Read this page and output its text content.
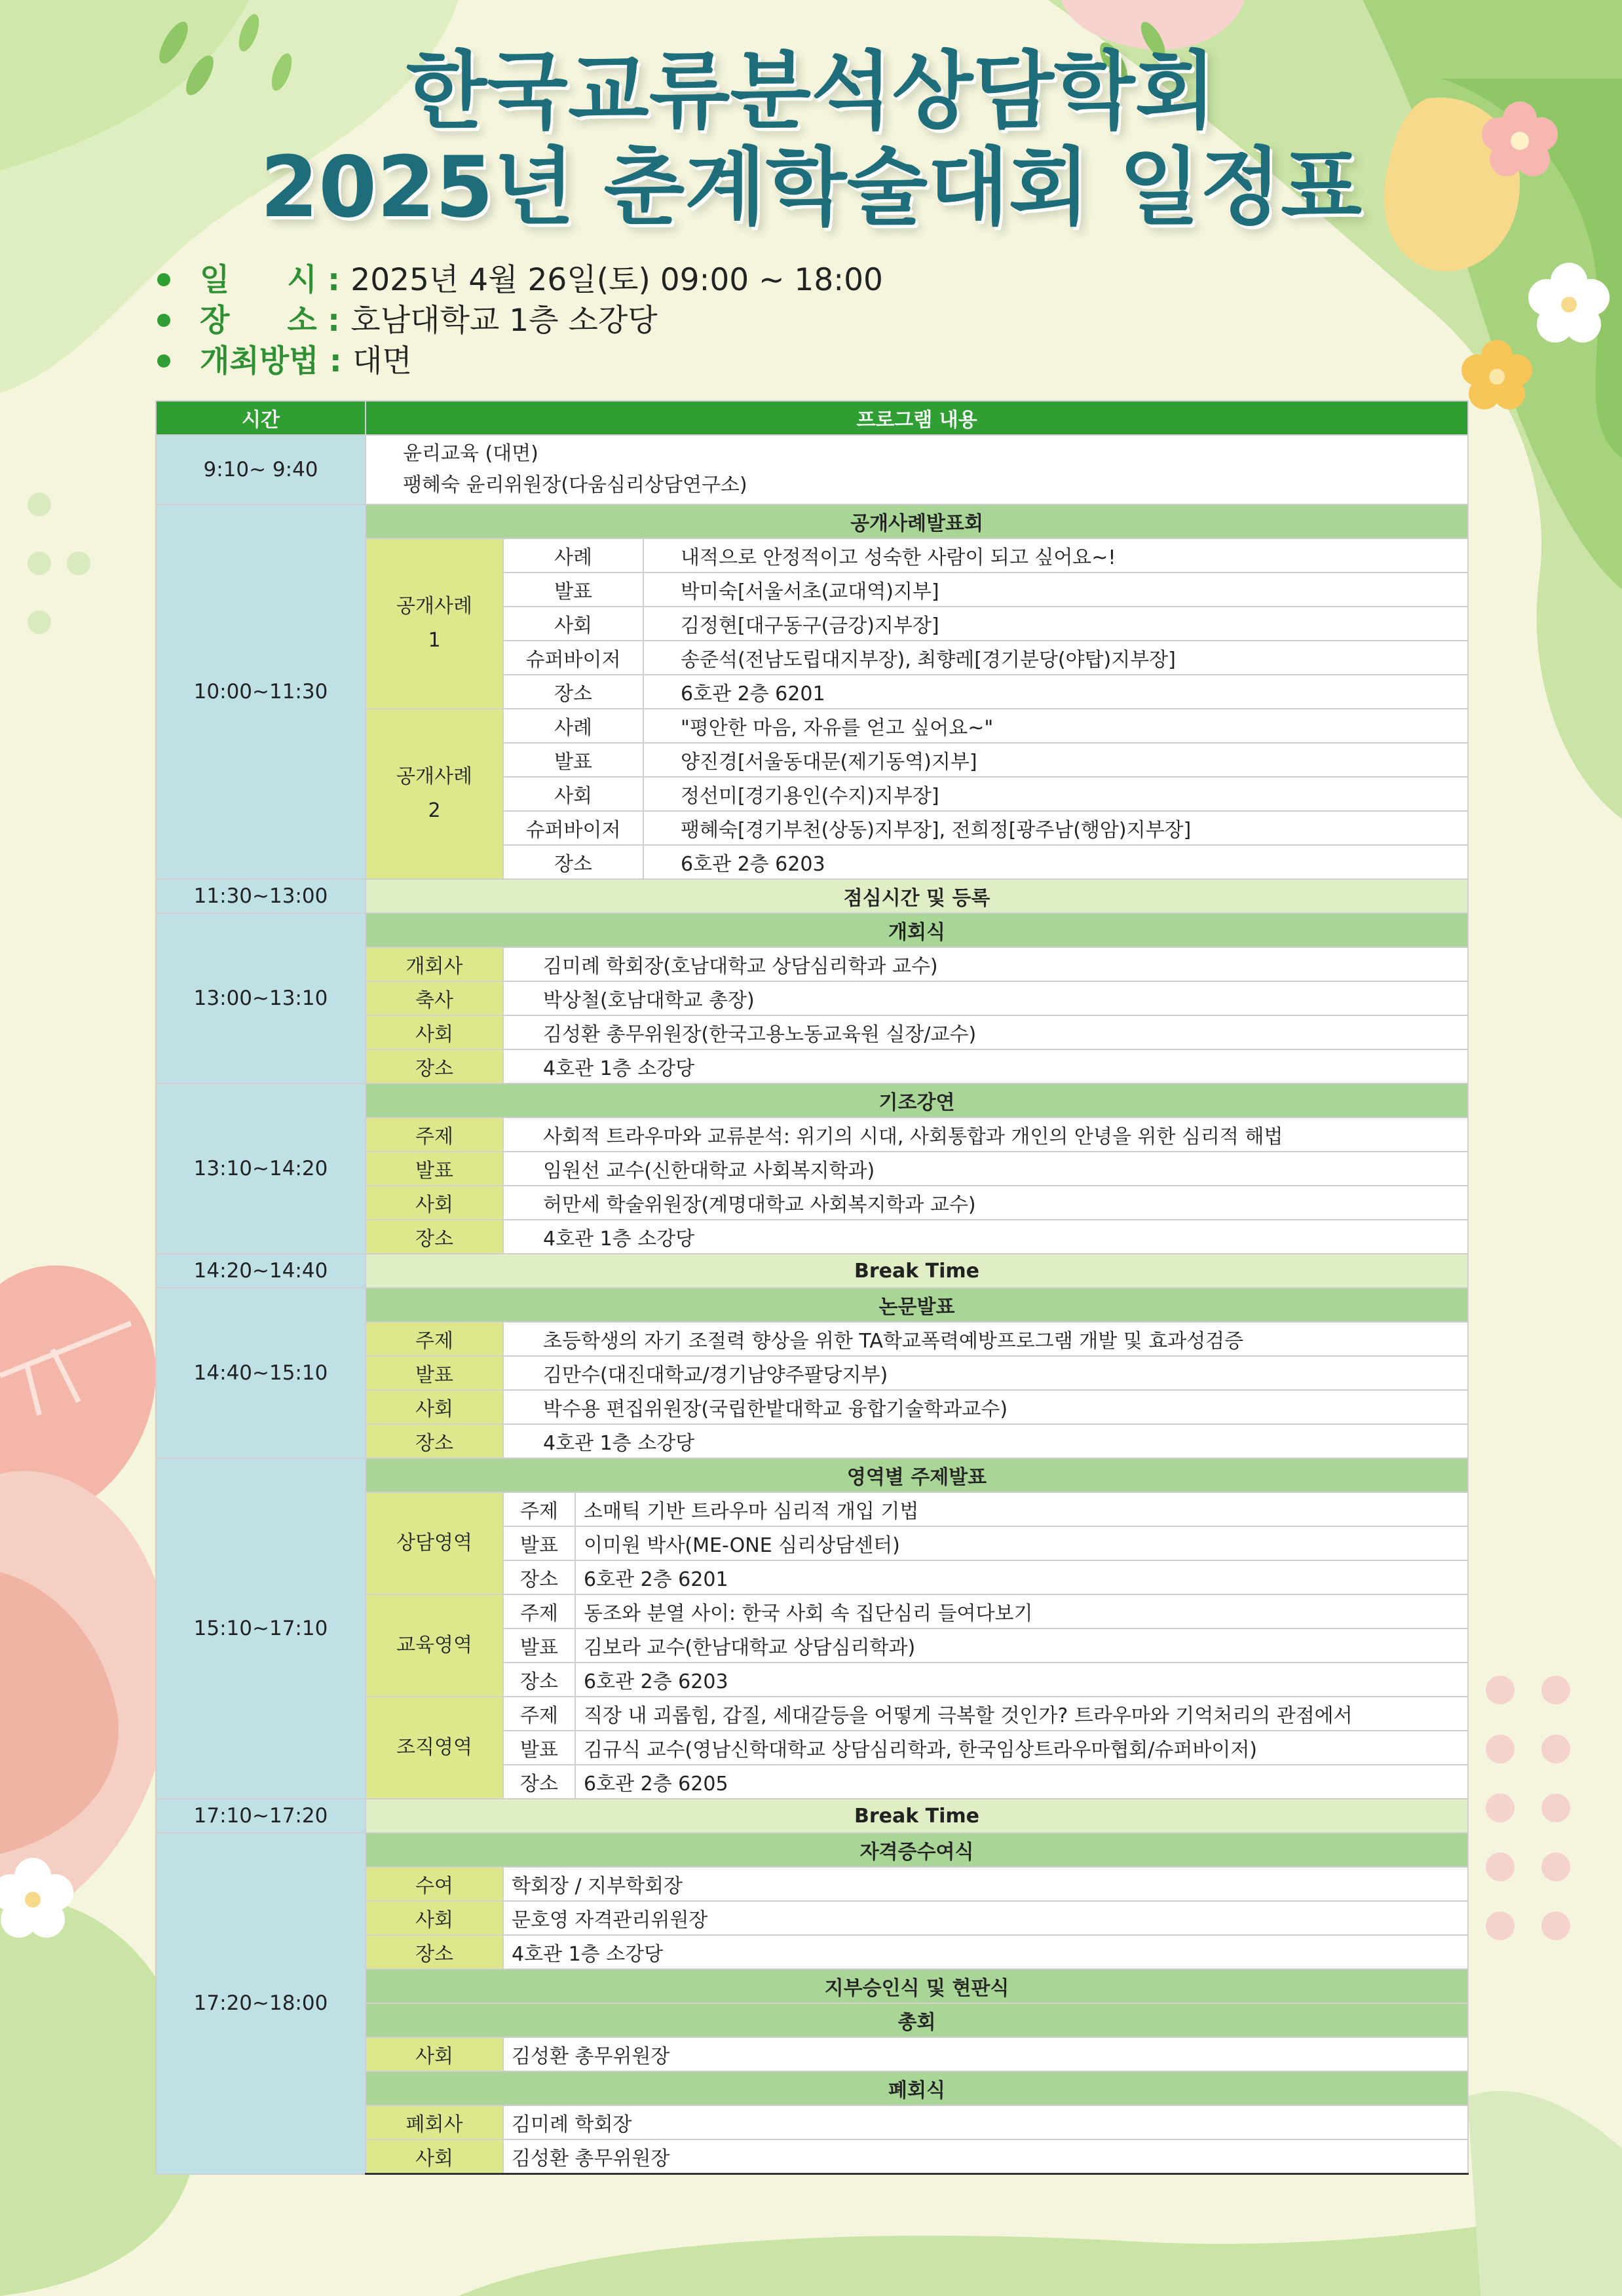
한국교류분석상담학회
2025년 춘계학술대회 일정표
일시 : 2025년 4월 26일(토) 09:00 ~ 18:00
장소 : 호남대학교 1층 소강당
개최방법 : 대면
시간	프로그램 내용			
9:10~ 9:40	윤리교육 (대면)
팽혜숙 윤리위원장(다움심리상담연구소)			

10:00~11:30	공개사례발표회			

	공개사례
1	사례		내적으로 안정적이고 성숙한 사람이 되고 싶어요~!
		발표		박미숙[서울서초(교대역)지부]
		사회		김정현[대구동구(금강)지부장]
		슈퍼바이저		송준석(전남도립대지부장), 최향레[경기분당(야탑)지부장]
		장소		6호관 2층 6201

	공개사례
2	사례		"평안한 마음, 자유를 얻고 싶어요~"
		발표		양진경[서울동대문(제기동역)지부]
		사회		정선미[경기용인(수지)지부장]
		슈퍼바이저		팽혜숙[경기부천(상동)지부장], 전희정[광주남(행암)지부장]
		장소		6호관 2층 6203
11:30~13:00	점심시간 및 등록			
13:00~13:10	개회식			
	개회사	김미례 학회장(호남대학교 상담심리학과 교수)		
	축사	박상철(호남대학교 총장)		
	사회	김성환 총무위원장(한국고용노동교육원 실장/교수)		
	장소	4호관 1층 소강당		
13:10~14:20	기조강연			
	주제	사회적 트라우마와 교류분석: 위기의 시대, 사회통합과 개인의 안녕을 위한 심리적 해법		
	발표	임원선 교수(신한대학교 사회복지학과)		
	사회	허만세 학술위원장(계명대학교 사회복지학과 교수)		
	장소	4호관 1층 소강당		
14:20~14:40	Break Time			
14:40~15:10	논문발표			
	주제	초등학생의 자기 조절력 향상을 위한 TA학교폭력예방프로그램 개발 및 효과성검증		
	발표	김만수(대진대학교/경기남양주팔당지부)		
	사회	박수용 편집위원장(국립한밭대학교 융합기술학과교수)		
	장소	4호관 1층 소강당		
15:10~17:10	영역별 주제발표			
	상담영역	주제	소매틱 기반 트라우마 심리적 개입 기법	
		발표	이미원 박사(ME-ONE 심리상담센터)	
		장소	6호관 2층 6201	
	교육영역	주제	동조와 분열 사이: 한국 사회 속 집단심리 들여다보기	
		발표	김보라 교수(한남대학교 상담심리학과)	
		장소	6호관 2층 6203	
	조직영역	주제	직장 내 괴롭힘, 갑질, 세대갈등을 어떻게 극복할 것인가? 트라우마와 기억처리의 관점에서	
		발표	김규식 교수(영남신학대학교 상담심리학과, 한국임상트라우마협회/슈퍼바이저)	
		장소	6호관 2층 6205	
17:10~17:20	Break Time			
17:20~18:00	자격증수여식			
	수여	학회장 / 지부학회장		
	사회	문호영 자격관리위원장		
	장소	4호관 1층 소강당		
	지부승인식 및 현판식			
	총회			
	사회	김성환 총무위원장		
	폐회식			
	폐회사	김미례 학회장		
	사회	김성환 총무위원장		
